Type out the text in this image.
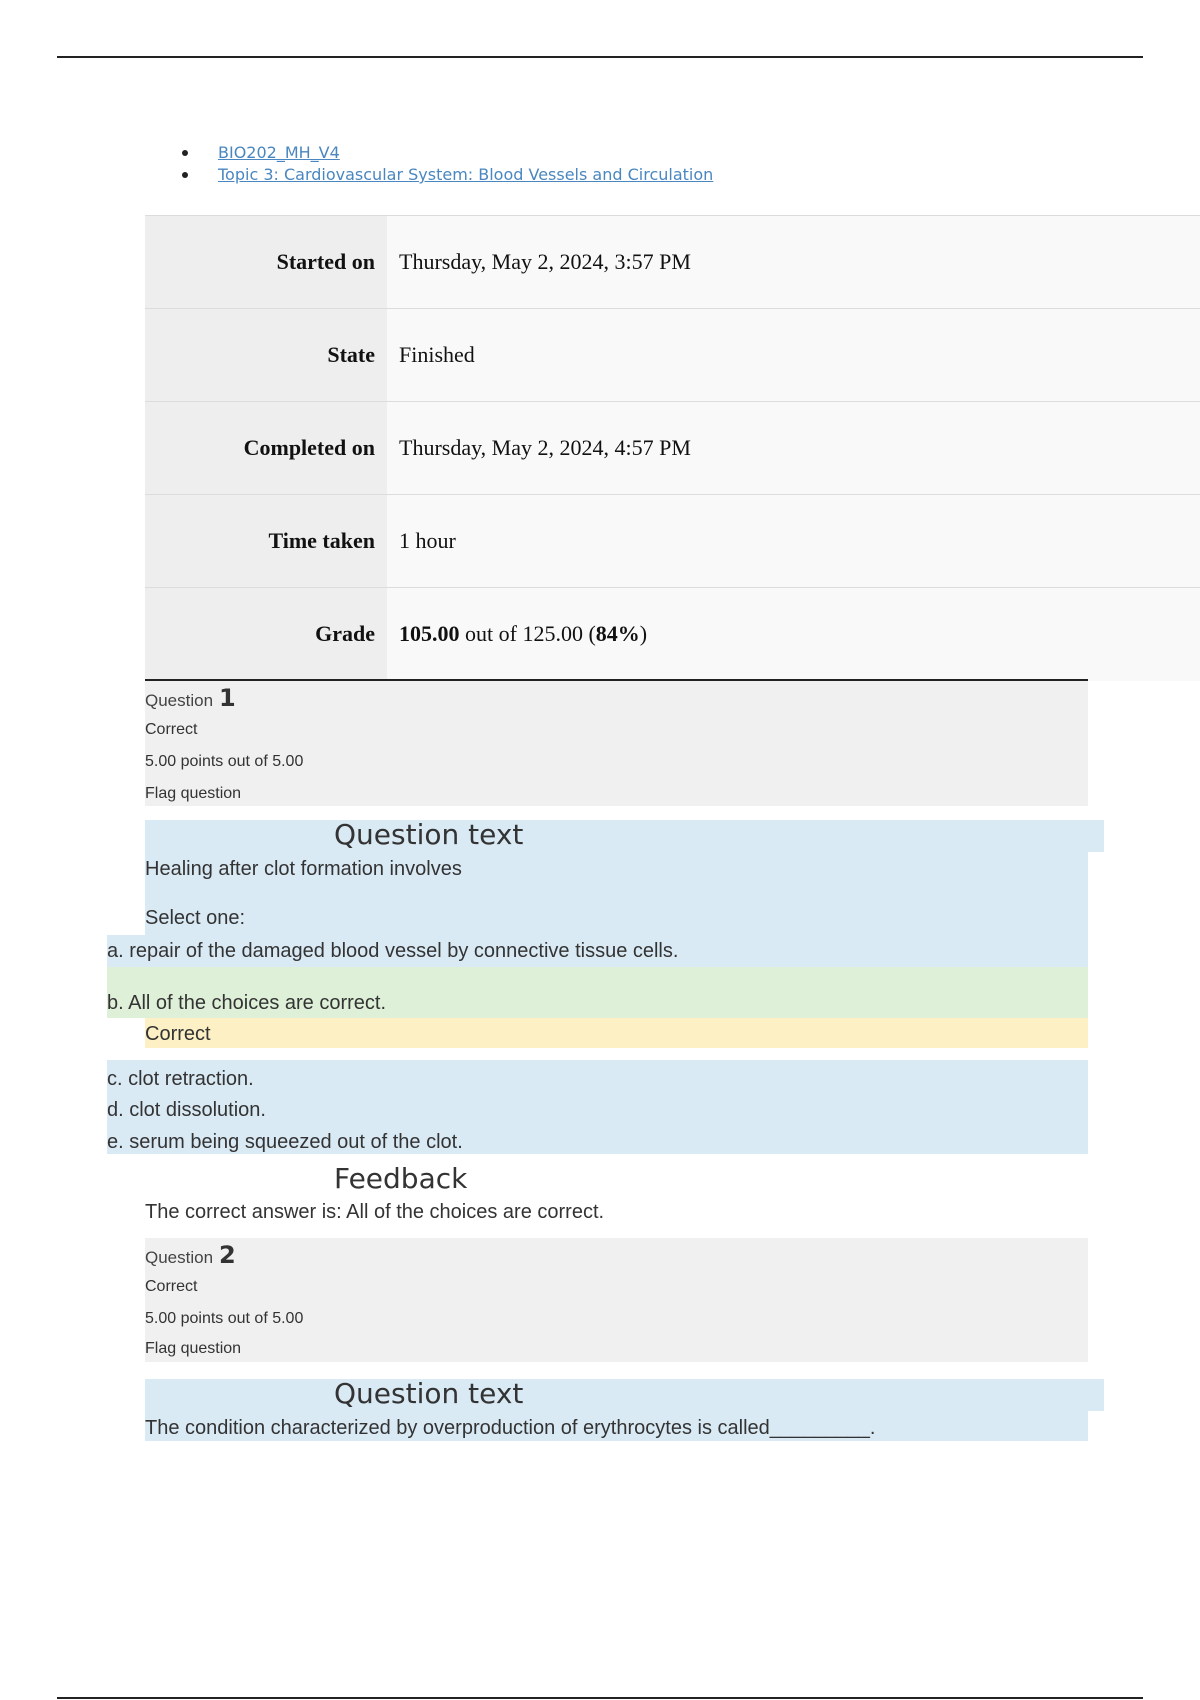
BIO202_MH_V4
Topic 3: Cardiovascular System: Blood Vessels and Circulation
Started on	Thursday, May 2, 2024, 3:57 PM
State	Finished
Completed on	Thursday, May 2, 2024, 4:57 PM
Time taken	1 hour
Grade	105.00 out of 125.00 (84%)
Question 1
Correct
5.00 points out of 5.00
Flag question
Question text
Healing after clot formation involves
Select one:
a. repair of the damaged blood vessel by connective tissue cells.
b. All of the choices are correct.
Correct
c. clot retraction.
d. clot dissolution.
e. serum being squeezed out of the clot.
Feedback
The correct answer is: All of the choices are correct.
Question 2
Correct
5.00 points out of 5.00
Flag question
Question text
The condition characterized by overproduction of erythrocytes is called_________.
